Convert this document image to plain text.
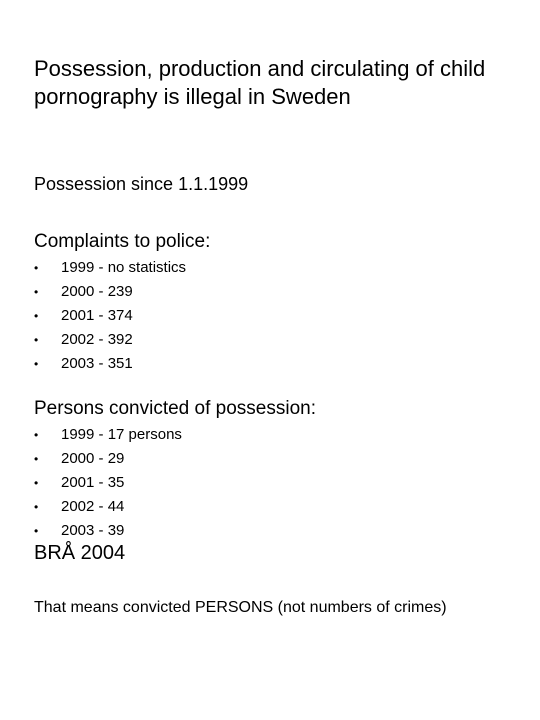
Possession, production and circulating of child pornography is illegal in Sweden

Possession since 1.1.1999

Complaints to police:
•	1999 - no statistics
•	2000 - 239
•	2001 - 374
•	2002 - 392
•	2003 - 351
Persons convicted of possession:
•	1999 - 17 persons
•	2000 - 29
•	2001 - 35
•	2002 - 44
•	2003 - 39

BRÅ 2004

That means convicted PERSONS (not numbers of crimes)
